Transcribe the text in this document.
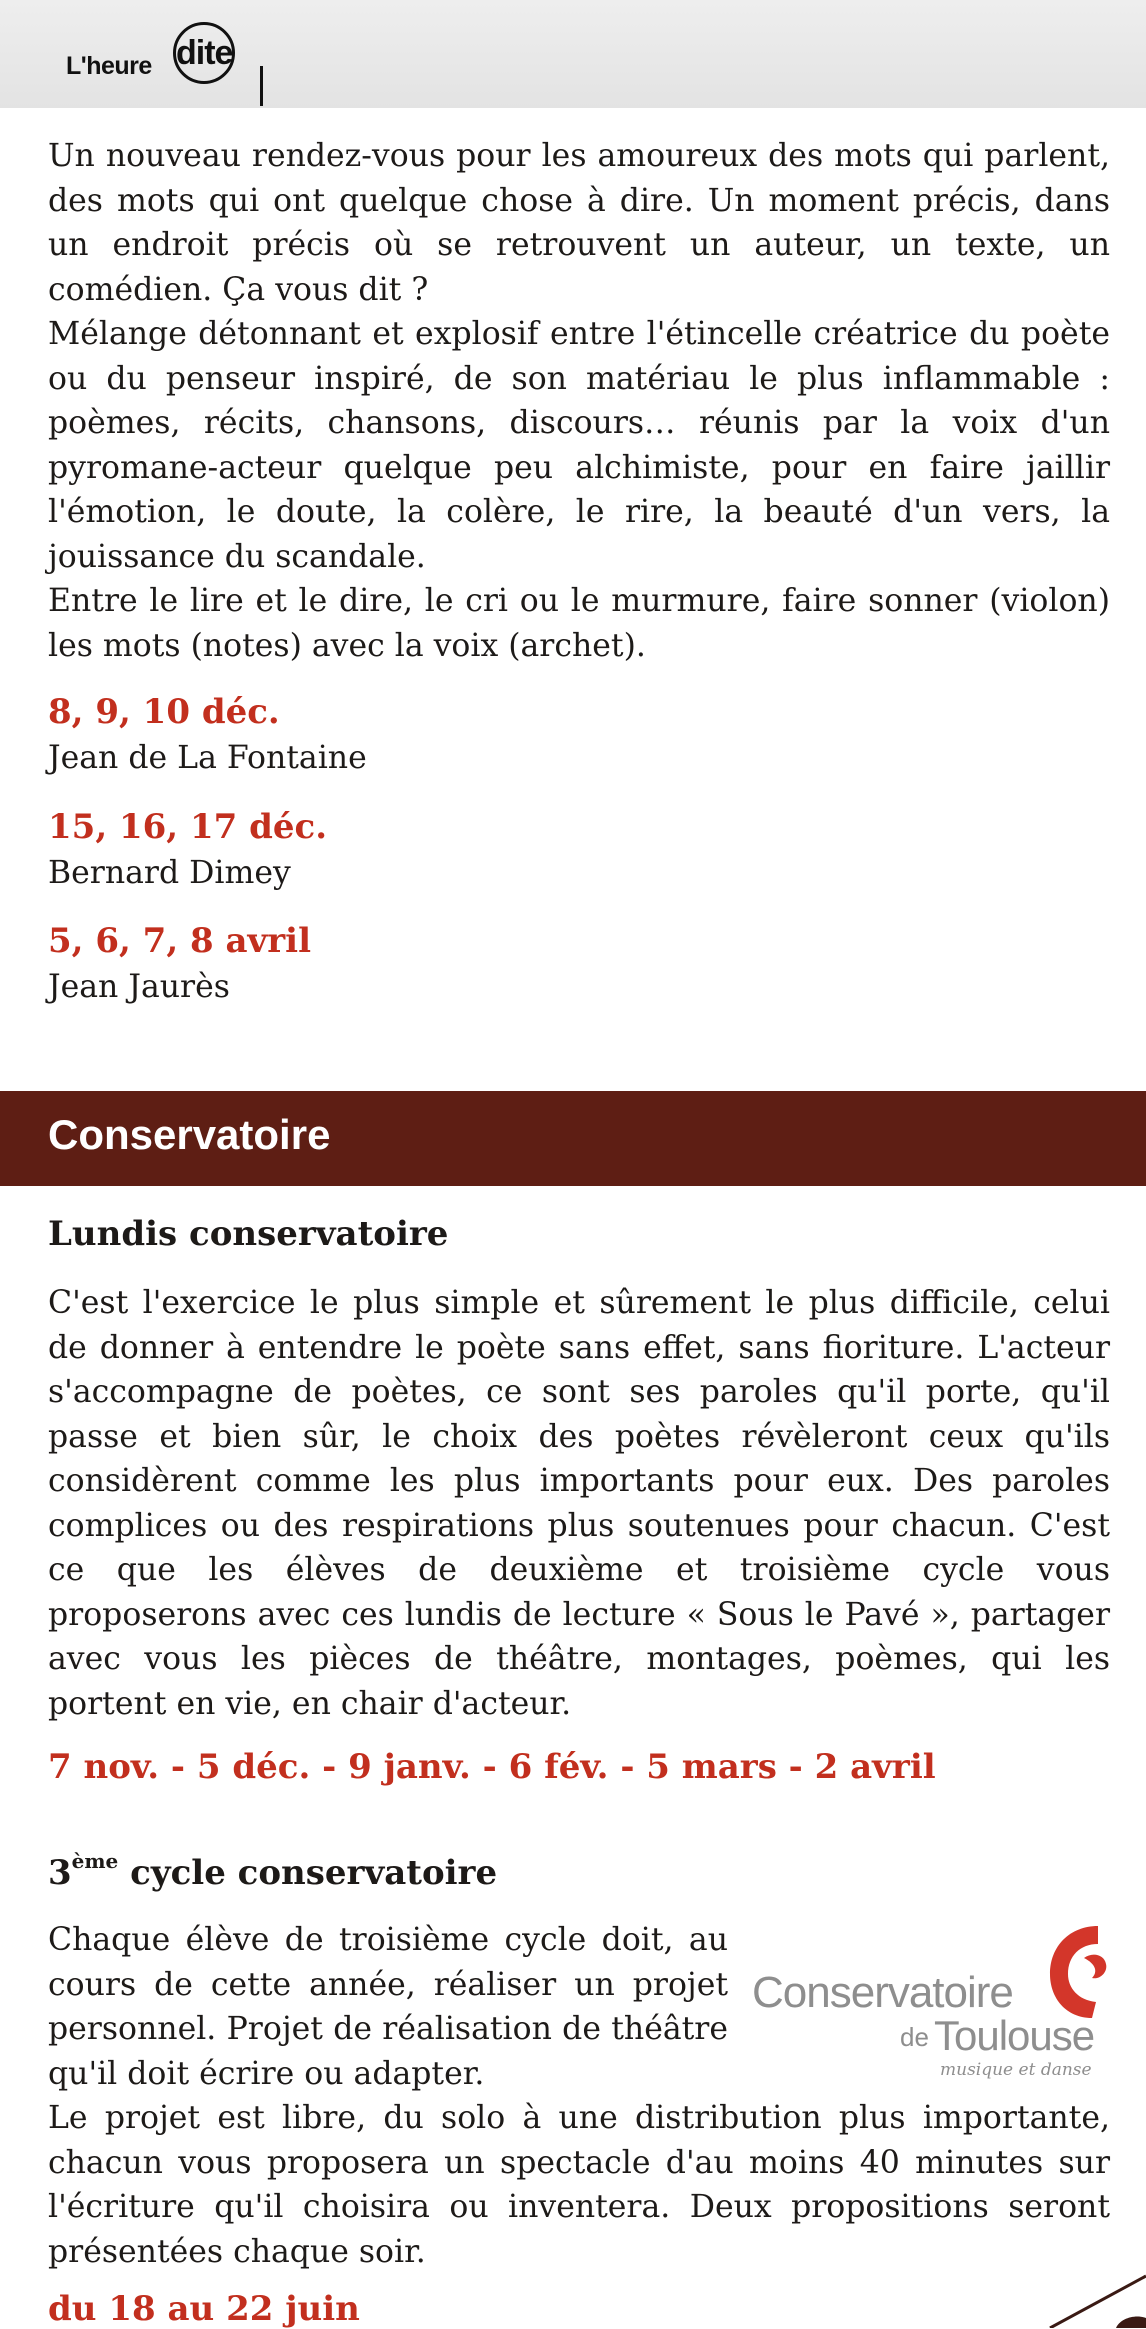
L'heure dite

Un nouveau rendez-vous pour les amoureux des mots qui parlent, des mots qui ont quelque chose à dire. Un moment précis, dans un endroit précis où se retrouvent un auteur, un texte, un comédien. Ça vous dit ?

Mélange détonnant et explosif entre l'étincelle créatrice du poète ou du penseur inspiré, de son matériau le plus inflammable : poèmes, récits, chansons, discours… réunis par la voix d'un pyromane-acteur quelque peu alchimiste, pour en faire jaillir l'émotion, le doute, la colère, le rire, la beauté d'un vers, la jouissance du scandale.

Entre le lire et le dire, le cri ou le murmure, faire sonner (violon) les mots (notes) avec la voix (archet).

8, 9, 10 déc.

Jean de La Fontaine

15, 16, 17 déc.

Bernard Dimey

5, 6, 7, 8 avril

Jean Jaurès

Conservatoire

Lundis conservatoire

C'est l'exercice le plus simple et sûrement le plus difficile, celui de donner à entendre le poète sans effet, sans fioriture. L'acteur s'accompagne de poètes, ce sont ses paroles qu'il porte, qu'il passe et bien sûr, le choix des poètes révèleront ceux qu'ils considèrent comme les plus importants pour eux. Des paroles complices ou des respirations plus soutenues pour chacun. C'est ce que les élèves de deuxième et troisième cycle vous proposerons avec ces lundis de lecture « Sous le Pavé », partager avec vous les pièces de théâtre, montages, poèmes, qui les portent en vie, en chair d'acteur.

7 nov. - 5 déc. - 9 janv. - 6 fév. - 5 mars - 2 avril

3ème cycle conservatoire

Chaque élève de troisième cycle doit, au cours de cette année, réaliser un projet personnel. Projet de réalisation de théâtre qu'il doit écrire ou adapter.

Conservatoire
de Toulouse
musique et danse

Le projet est libre, du solo à une distribution plus importante, chacun vous proposera un spectacle d'au moins 40 minutes sur l'écriture qu'il choisira ou inventera. Deux propositions seront présentées chaque soir.

du 18 au 22 juin
